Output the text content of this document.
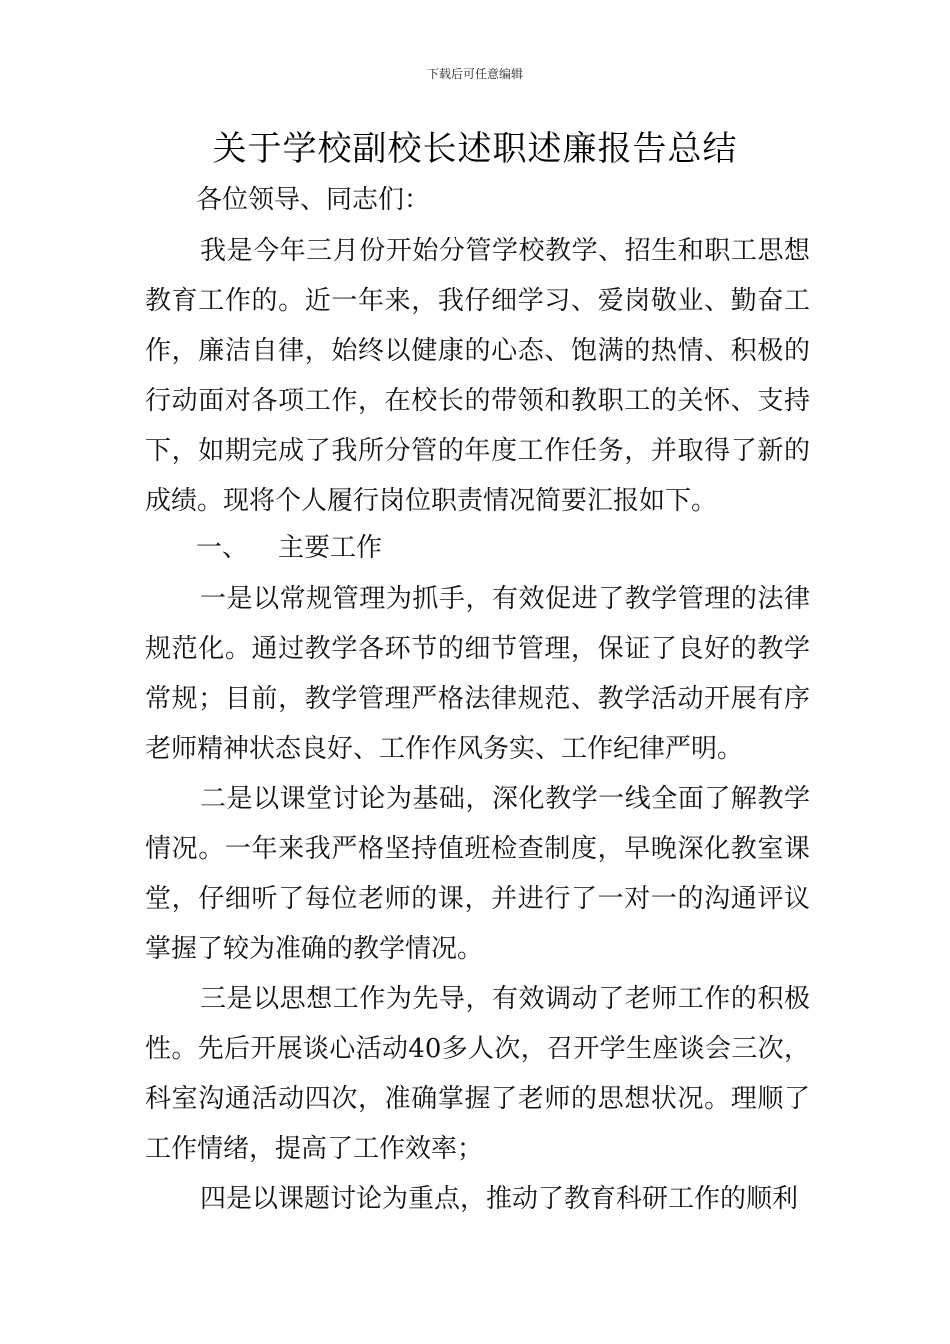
下载后可任意编辑
关于学校副校长述职述廉报告总结
各位领导、同志们：

我是今年三月份开始分管学校教学、招生和职工思想教育工作的。近一年来，我仔细学习、爱岗敬业、勤奋工作，廉洁自律，始终以健康的心态、饱满的热情、积极的行动面对各项工作，在校长的带领和教职工的关怀、支持下，如期完成了我所分管的年度工作任务，并取得了新的成绩。现将个人履行岗位职责情况简要汇报如下。

一、 主要工作

一是以常规管理为抓手，有效促进了教学管理的法律规范化。通过教学各环节的细节管理，保证了良好的教学常规；目前，教学管理严格法律规范、教学活动开展有序老师精神状态良好、工作作风务实、工作纪律严明。

二是以课堂讨论为基础，深化教学一线全面了解教学情况。一年来我严格坚持值班检查制度，早晚深化教室课堂，仔细听了每位老师的课，并进行了一对一的沟通评议掌握了较为准确的教学情况。

三是以思想工作为先导，有效调动了老师工作的积极性。先后开展谈心活动40多人次，召开学生座谈会三次，科室沟通活动四次，准确掌握了老师的思想状况。理顺了工作情绪，提高了工作效率；

四是以课题讨论为重点，推动了教育科研工作的顺利
